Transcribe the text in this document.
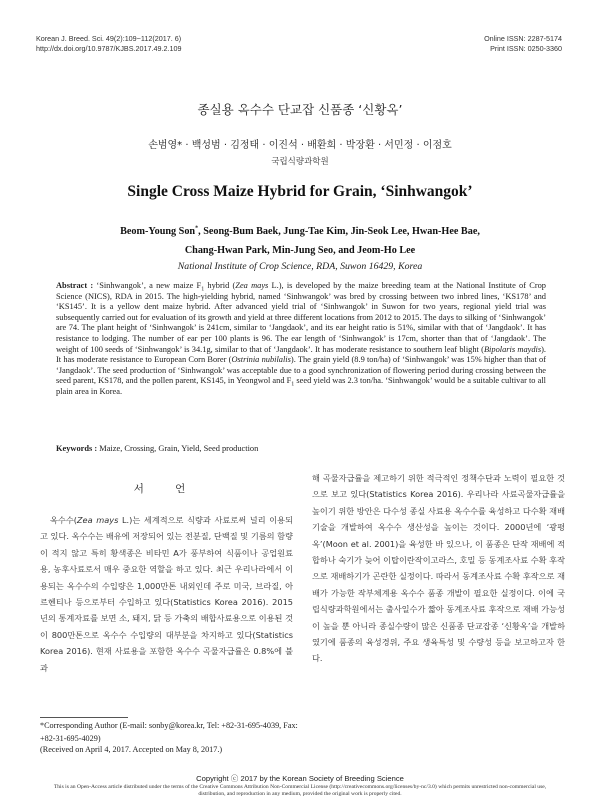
Korean J. Breed. Sci. 49(2):109~112(2017. 6)
http://dx.doi.org/10.9787/KJBS.2017.49.2.109
Online ISSN: 2287-5174
Print ISSN: 0250-3360
종실용 옥수수 단교잡 신품종 ‘신황옥’
손범영* · 백성범 · 김정태 · 이진석 · 배환희 · 박장환 · 서민정 · 이점호
국립식량과학원
Single Cross Maize Hybrid for Grain, ‘Sinhwangok’
Beom-Young Son*, Seong-Bum Baek, Jung-Tae Kim, Jin-Seok Lee, Hwan-Hee Bae,
Chang-Hwan Park, Min-Jung Seo, and Jeom-Ho Lee
National Institute of Crop Science, RDA, Suwon 16429, Korea
Abstract : ‘Sinhwangok’, a new maize $F_1$ hybrid (Zea mays L.), is developed by the maize breeding team at the National Institute of Crop Science (NICS), RDA in 2015. The high-yielding hybrid, named ‘Sinhwangok’ was bred by crossing between two inbred lines, ‘KS178’ and ‘KS145’. It is a yellow dent maize hybrid. After advanced yield trial of ‘Sinhwangok’ in Suwon for two years, regional yield trial was subsequently carried out for evaluation of its growth and yield at three different locations from 2012 to 2015. The days to silking of ‘Sinhwangok’ are 74. The plant height of ‘Sinhwangok’ is 241cm, similar to ‘Jangdaok’, and its ear height ratio is 51%, similar with that of ‘Jangdaok’. It has resistance to lodging. The number of ear per 100 plants is 96. The ear length of ‘Sinhwangok’ is 17cm, shorter than that of ‘Jangdaok’. The weight of 100 seeds of ‘Sinhwangok’ is 34.1g, similar to that of ‘Jangdaok’. It has moderate resistance to southern leaf blight (Bipolaris maydis). It has moderate resistance to European Corn Borer (Ostrinia nubilalis). The grain yield (8.9 ton/ha) of ‘Sinhwangok’ was 15% higher than that of ‘Jangdaok’. The seed production of ‘Sinhwangok’ was acceptable due to a good synchronization of flowering period during crossing between the seed parent, KS178, and the pollen parent, KS145, in Yeongwol and $F_1$ seed yield was 2.3 ton/ha. ‘Sinhwangok’ would be a suitable cultivar to all plain area in Korea.
Keywords : Maize, Crossing, Grain, Yield, Seed production
서 언
옥수수(Zea mays L.)는 세계적으로 식량과 사료로써 널리 이용되고 있다. 옥수수는 배유에 저장되어 있는 전분질, 단백질 및 기름의 함량이 적지 않고 특히 황색종은 비타민 A가 풍부하여 식품이나 공업원료용, 농후사료로서 매우 중요한 역할을 하고 있다. 최근 우리나라에서 이용되는 옥수수의 수입량은 1,000만톤 내외인데 주로 미국, 브라질, 아르헨티나 등으로부터 수입하고 있다(Statistics Korea 2016). 2015년의 통계자료를 보면 소, 돼지, 닭 등 가축의 배합사료용으로 이용된 것이 800만톤으로 옥수수 수입량의 대부분을 차지하고 있다(Statistics Korea 2016). 현재 사료용을 포함한 옥수수 곡물자급률은 0.8%에 불과
해 곡물자급률을 제고하기 위한 적극적인 정책수단과 노력이 필요한 것으로 보고 있다(Statistics Korea 2016). 우리나라 사료곡물자급률을 높이기 위한 방안은 다수성 종실 사료용 옥수수를 육성하고 다수확 재배기술을 개발하여 옥수수 생산성을 높이는 것이다. 2000년에 ‘광평옥’(Moon et al. 2001)을 육성한 바 있으나, 이 품종은 단작 재배에 적합하나 숙기가 늦어 이탑이란작이고라스, 호밀 등 동계조사료 수확 후작으로 재배하기가 곤란한 실정이다. 따라서 동계조사료 수확 후작으로 재배가 가능한 작부체계용 옥수수 품종 개발이 필요한 실정이다. 이에 국립식량과학원에서는 출사일수가 짧아 동계조사료 후작으로 재배 가능성이 높을 뿐 아니라 종실수량이 많은 신품종 단교잡종 ‘신황옥’을 개발하였기에 품종의 육성경위, 주요 생육특성 및 수량성 등을 보고하고자 한다.
*Corresponding Author (E-mail: sonby@korea.kr, Tel: +82-31-695-4039, Fax: +82-31-695-4029)
(Received on April 4, 2017. Accepted on May 8, 2017.)
Copyright ⓒ 2017 by the Korean Society of Breeding Science
This is an Open-Access article distributed under the terms of the Creative Commons Attribution Non-Commercial License (http://creativecommons.org/licenses/by-nc/3.0) which permits unrestricted non-commercial use, distribution, and reproduction in any medium, provided the original work is properly cited.
